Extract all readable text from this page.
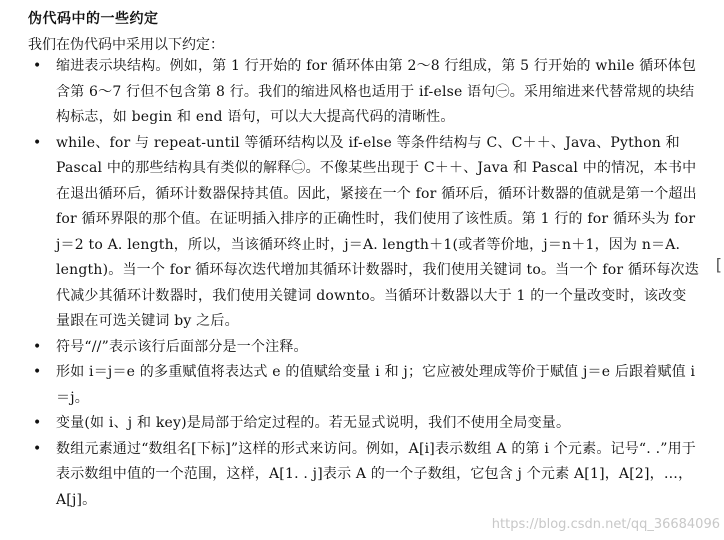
伪代码中的一些约定
我们在伪代码中采用以下约定：
• 缩进表示块结构。例如，第 1 行开始的 for 循环体由第 2～8 行组成，第 5 行开始的 while 循环体包含第 6～7 行但不包含第 8 行。我们的缩进风格也适用于 if-else 语句㊀。采用缩进来代替常规的块结构标志，如 begin 和 end 语句，可以大大提高代码的清晰性。
• while、for 与 repeat-until 等循环结构以及 if-else 等条件结构与 C、C＋＋、Java、Python 和 Pascal 中的那些结构具有类似的解释㊁。不像某些出现于 C＋＋、Java 和 Pascal 中的情况，本书中在退出循环后，循环计数器保持其值。因此，紧接在一个 for 循环后，循环计数器的值就是第一个超出 for 循环界限的那个值。在证明插入排序的正确性时，我们使用了该性质。第 1 行的 for 循环头为 for j＝2 to A. length，所以，当该循环终止时，j＝A. length＋1(或者等价地，j＝n＋1，因为 n＝A. length)。当一个 for 循环每次迭代增加其循环计数器时，我们使用关键词 to。当一个 for 循环每次迭代减少其循环计数器时，我们使用关键词 downto。当循环计数器以大于 1 的一个量改变时，该改变量跟在可选关键词 by 之后。
• 符号“//”表示该行后面部分是一个注释。
• 形如 i＝j＝e 的多重赋值将表达式 e 的值赋给变量 i 和 j；它应被处理成等价于赋值 j＝e 后跟着赋值 i＝j。
• 变量(如 i、j 和 key)是局部于给定过程的。若无显式说明，我们不使用全局变量。
• 数组元素通过“数组名[下标]”这样的形式来访问。例如，A[i]表示数组 A 的第 i 个元素。记号“. .”用于表示数组中值的一个范围，这样，A[1. . j]表示 A 的一个子数组，它包含 j 个元素 A[1]，A[2]，…，A[j]。
[
https://blog.csdn.net/qq_36684096
